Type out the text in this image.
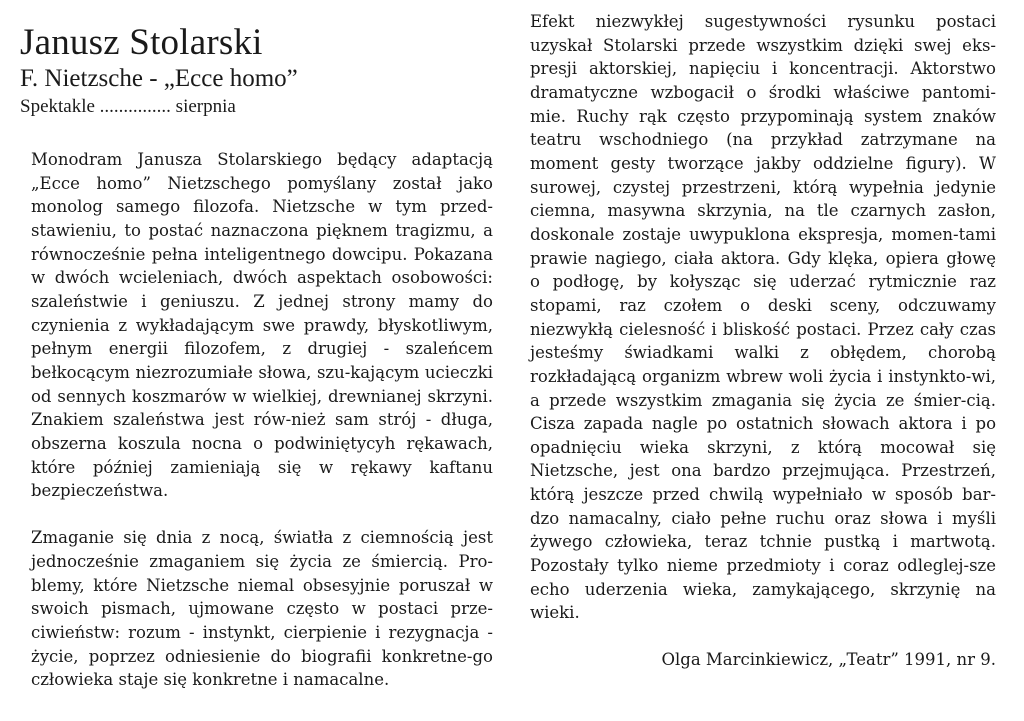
Janusz Stolarski
F. Nietzsche - „Ecce homo”

Spektakle ............... sierpnia

Monodram Janusza Stolarskiego będący adaptacją „Ecce homo” Nietzschego pomyślany został jako monolog samego filozofa. Nietzsche w tym przed-stawieniu, to postać naznaczona pięknem tragizmu, a równocześnie pełna inteligentnego dowcipu. Pokazana w dwóch wcieleniach, dwóch aspektach osobowości: szaleństwie i geniuszu. Z jednej strony mamy do czynienia z wykładającym swe prawdy, błyskotliwym, pełnym energii filozofem, z drugiej - szaleńcem bełkocącym niezrozumiałe słowa, szu-kającym ucieczki od sennych koszmarów w wielkiej, drewnianej skrzyni. Znakiem szaleństwa jest rów-nież sam strój - długa, obszerna koszula nocna o podwiniętycyh rękawach, które później zamieniają się w rękawy kaftanu bezpieczeństwa.

Zmaganie się dnia z nocą, światła z ciemnością jest jednocześnie zmaganiem się życia ze śmiercią. Pro-blemy, które Nietzsche niemal obsesyjnie poruszał w swoich pismach, ujmowane często w postaci prze-ciwieństw: rozum - instynkt, cierpienie i rezygnacja - życie, poprzez odniesienie do biografii konkretne-go człowieka staje się konkretne i namacalne.

Efekt niezwykłej sugestywności rysunku postaci uzyskał Stolarski przede wszystkim dzięki swej eks-presji aktorskiej, napięciu i koncentracji. Aktorstwo dramatyczne wzbogacił o środki właściwe pantomi-mie. Ruchy rąk często przypominają system znaków teatru wschodniego (na przykład zatrzymane na moment gesty tworzące jakby oddzielne figury). W surowej, czystej przestrzeni, którą wypełnia jedynie ciemna, masywna skrzynia, na tle czarnych zasłon, doskonale zostaje uwypuklona ekspresja, momen-tami prawie nagiego, ciała aktora. Gdy klęka, opiera głowę o podłogę, by kołysząc się uderzać rytmicznie raz stopami, raz czołem o deski sceny, odczuwamy niezwykłą cielesność i bliskość postaci. Przez cały czas jesteśmy świadkami walki z obłędem, chorobą rozkładającą organizm wbrew woli życia i instynkto-wi, a przede wszystkim zmagania się życia ze śmier-cią. Cisza zapada nagle po ostatnich słowach aktora i po opadnięciu wieka skrzyni, z którą mocował się Nietzsche, jest ona bardzo przejmująca. Przestrzeń, którą jeszcze przed chwilą wypełniało w sposób bar-dzo namacalny, ciało pełne ruchu oraz słowa i myśli żywego człowieka, teraz tchnie pustką i martwotą. Pozostały tylko nieme przedmioty i coraz odleglej-sze echo uderzenia wieka, zamykającego, skrzynię na wieki.

Olga Marcinkiewicz, „Teatr” 1991, nr 9.
